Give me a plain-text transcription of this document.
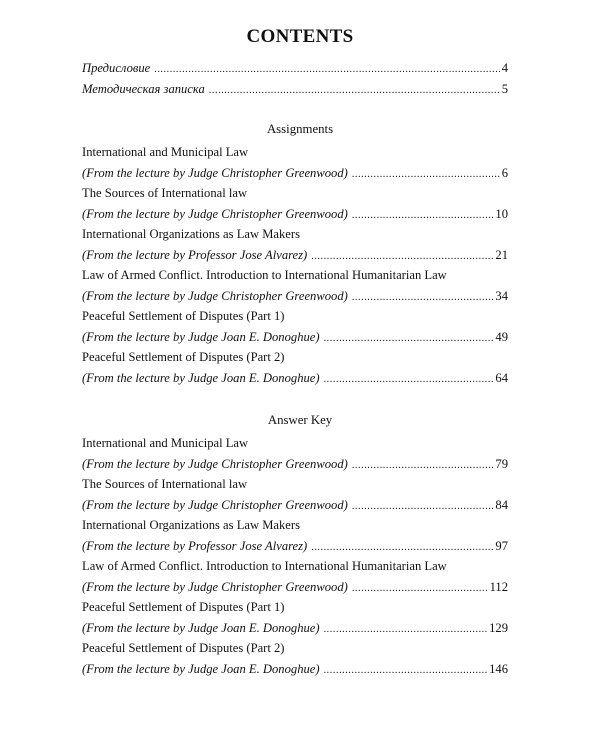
CONTENTS
Предисловие .....	4
Методическая записка .....	5
Assignments
International and Municipal Law
(From the lecture by Judge Christopher Greenwood) .....	6
The Sources of International law
(From the lecture by Judge Christopher Greenwood) .....	10
International Organizations as Law Makers
(From the lecture by Professor Jose Alvarez) .....	21
Law of Armed Conflict. Introduction to International Humanitarian Law
(From the lecture by Judge Christopher Greenwood) .....	34
Peaceful Settlement of Disputes (Part 1)
(From the lecture by Judge Joan E. Donoghue) .....	49
Peaceful Settlement of Disputes (Part 2)
(From the lecture by Judge Joan E. Donoghue) .....	64
Answer Key
International and Municipal Law
(From the lecture by Judge Christopher Greenwood) .....	79
The Sources of International law
(From the lecture by Judge Christopher Greenwood) .....	84
International Organizations as Law Makers
(From the lecture by Professor Jose Alvarez) .....	97
Law of Armed Conflict. Introduction to International Humanitarian Law
(From the lecture by Judge Christopher Greenwood) .....	112
Peaceful Settlement of Disputes (Part 1)
(From the lecture by Judge Joan E. Donoghue) .....	129
Peaceful Settlement of Disputes (Part 2)
(From the lecture by Judge Joan E. Donoghue) .....	146
